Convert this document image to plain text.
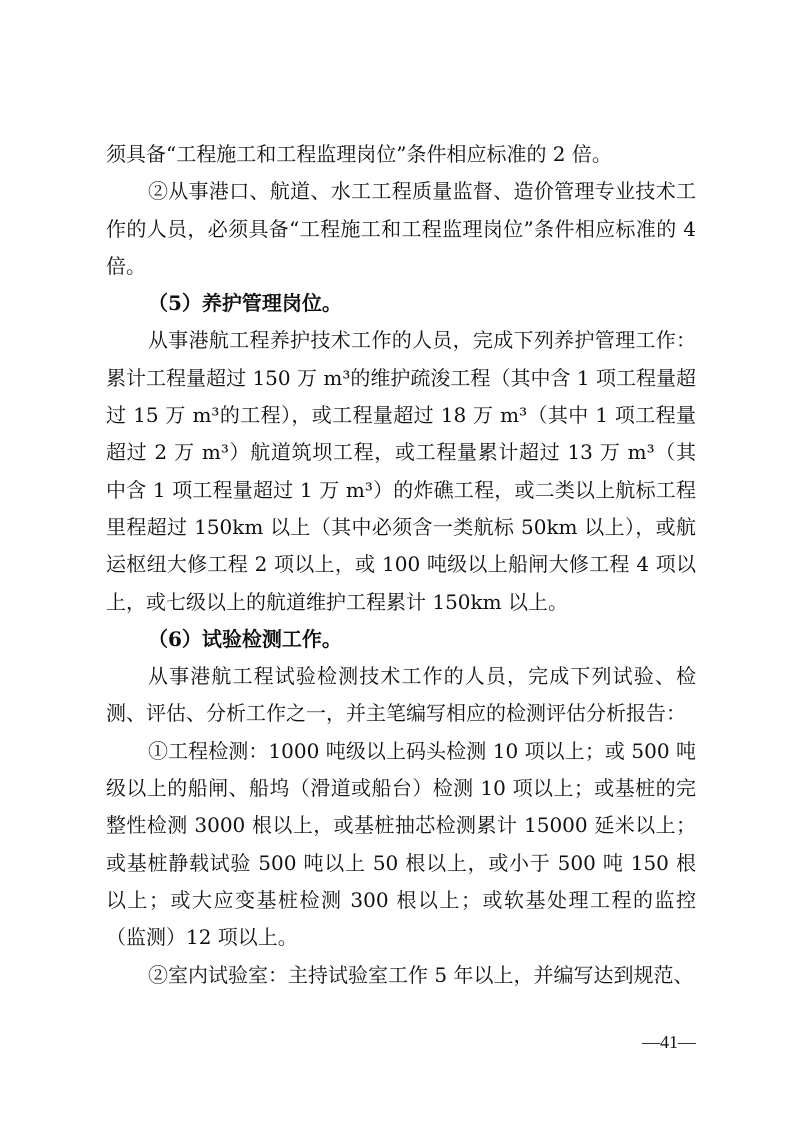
须具备“工程施工和工程监理岗位”条件相应标准的 2 倍。

②从事港口、航道、水工工程质量监督、造价管理专业技术工作的人员，必须具备“工程施工和工程监理岗位”条件相应标准的 4 倍。

（5）养护管理岗位。

从事港航工程养护技术工作的人员，完成下列养护管理工作：累计工程量超过 150 万 m³的维护疏浚工程（其中含 1 项工程量超过 15 万 m³的工程），或工程量超过 18 万 m³（其中 1 项工程量超过 2 万 m³）航道筑坝工程，或工程量累计超过 13 万 m³（其中含 1 项工程量超过 1 万 m³）的炸礁工程，或二类以上航标工程里程超过 150km 以上（其中必须含一类航标 50km 以上），或航运枢纽大修工程 2 项以上，或 100 吨级以上船闸大修工程 4 项以上，或七级以上的航道维护工程累计 150km 以上。

（6）试验检测工作。

从事港航工程试验检测技术工作的人员，完成下列试验、检测、评估、分析工作之一，并主笔编写相应的检测评估分析报告：

①工程检测：1000 吨级以上码头检测 10 项以上；或 500 吨级以上的船闸、船坞（滑道或船台）检测 10 项以上；或基桩的完整性检测 3000 根以上，或基桩抽芯检测累计 15000 延米以上；或基桩静载试验 500 吨以上 50 根以上，或小于 500 吨 150 根以上；或大应变基桩检测 300 根以上；或软基处理工程的监控（监测）12 项以上。

②室内试验室：主持试验室工作 5 年以上，并编写达到规范、

—41—
